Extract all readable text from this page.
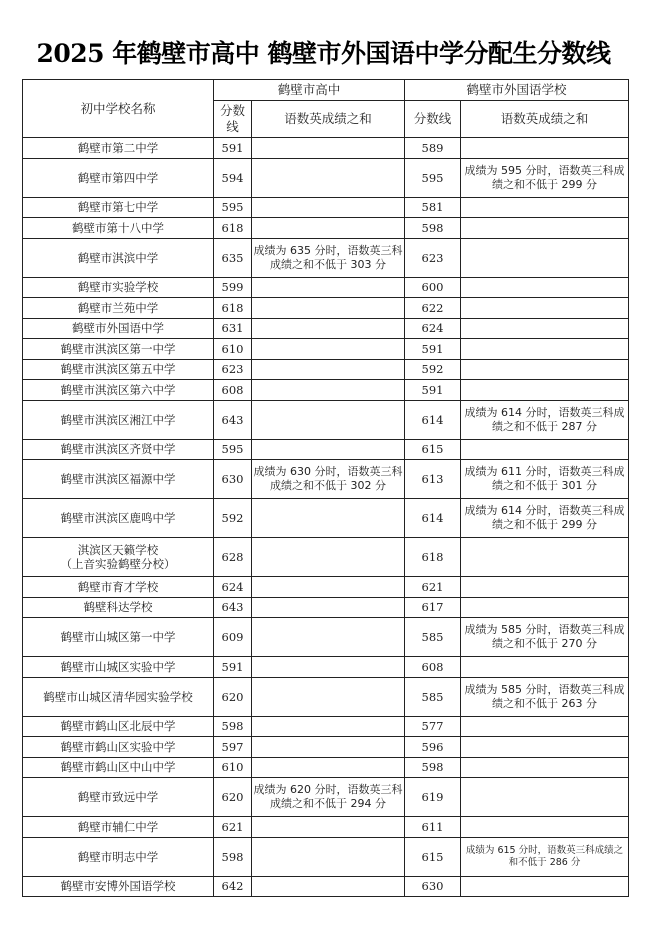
2025 年鹤壁市高中 鹤壁市外国语中学分配生分数线
初中学校名称	鹤壁市高中		鹤壁市外国语学校	
	分数线	语数英成绩之和	分数线	语数英成绩之和
鹤壁市第二中学	591		589	
鹤壁市第四中学	594		595	成绩为 595 分时，语数英三科成绩之和不低于 299 分
鹤壁市第七中学	595		581	
鹤壁市第十八中学	618		598	
鹤壁市淇滨中学	635	成绩为 635 分时，语数英三科成绩之和不低于 303 分	623	
鹤壁市实验学校	599		600	
鹤壁市兰苑中学	618		622	
鹤壁市外国语中学	631		624	
鹤壁市淇滨区第一中学	610		591	
鹤壁市淇滨区第五中学	623		592	
鹤壁市淇滨区第六中学	608		591	
鹤壁市淇滨区湘江中学	643		614	成绩为 614 分时，语数英三科成绩之和不低于 287 分
鹤壁市淇滨区齐贤中学	595		615	
鹤壁市淇滨区福源中学	630	成绩为 630 分时，语数英三科成绩之和不低于 302 分	613	成绩为 611 分时，语数英三科成绩之和不低于 301 分
鹤壁市淇滨区鹿鸣中学	592		614	成绩为 614 分时，语数英三科成绩之和不低于 299 分

淇滨区天籁学校
（上音实验鹤壁分校）	628		618	
鹤壁市育才学校	624		621	
鹤壁科达学校	643		617	
鹤壁市山城区第一中学	609		585	成绩为 585 分时，语数英三科成绩之和不低于 270 分
鹤壁市山城区实验中学	591		608	
鹤壁市山城区清华园实验学校	620		585	成绩为 585 分时，语数英三科成绩之和不低于 263 分
鹤壁市鹤山区北辰中学	598		577	
鹤壁市鹤山区实验中学	597		596	
鹤壁市鹤山区中山中学	610		598	
鹤壁市致远中学	620	成绩为 620 分时，语数英三科成绩之和不低于 294 分	619	
鹤壁市辅仁中学	621		611	
鹤壁市明志中学	598		615	成绩为 615 分时，语数英三科成绩之和不低于 286 分
鹤壁市安博外国语学校	642		630	
